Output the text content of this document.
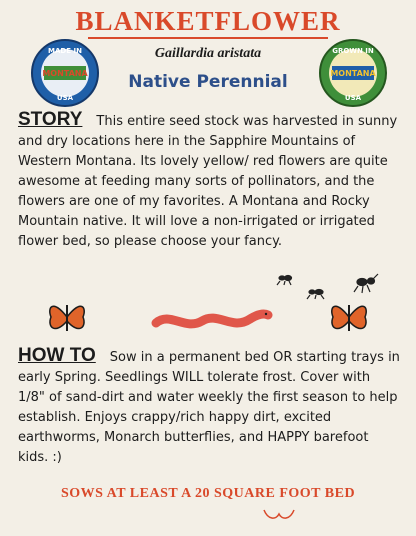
BLANKETFLOWER
MADE IN
MONTANA
USA
GROWN IN
MONTANA
USA
Gaillardia aristata
Native Perennial

STORY This entire seed stock was harvested in sunny and dry locations here in the Sapphire Mountains of Western Montana. Its lovely yellow/ red flowers are quite awesome at feeding many sorts of pollinators, and the flowers are one of my favorites. A Montana and Rocky Mountain native. It will love a non-irrigated or irrigated flower bed, so please choose your fancy.

HOW TO Sow in a permanent bed OR starting trays in early Spring. Seedlings WILL tolerate frost. Cover with 1/8" of sand-dirt and water weekly the first season to help establish. Enjoys crappy/rich happy dirt, excited earthworms, Monarch butterflies, and HAPPY barefoot kids. :)

SOWS AT LEAST A 20 SQUARE FOOT BED
